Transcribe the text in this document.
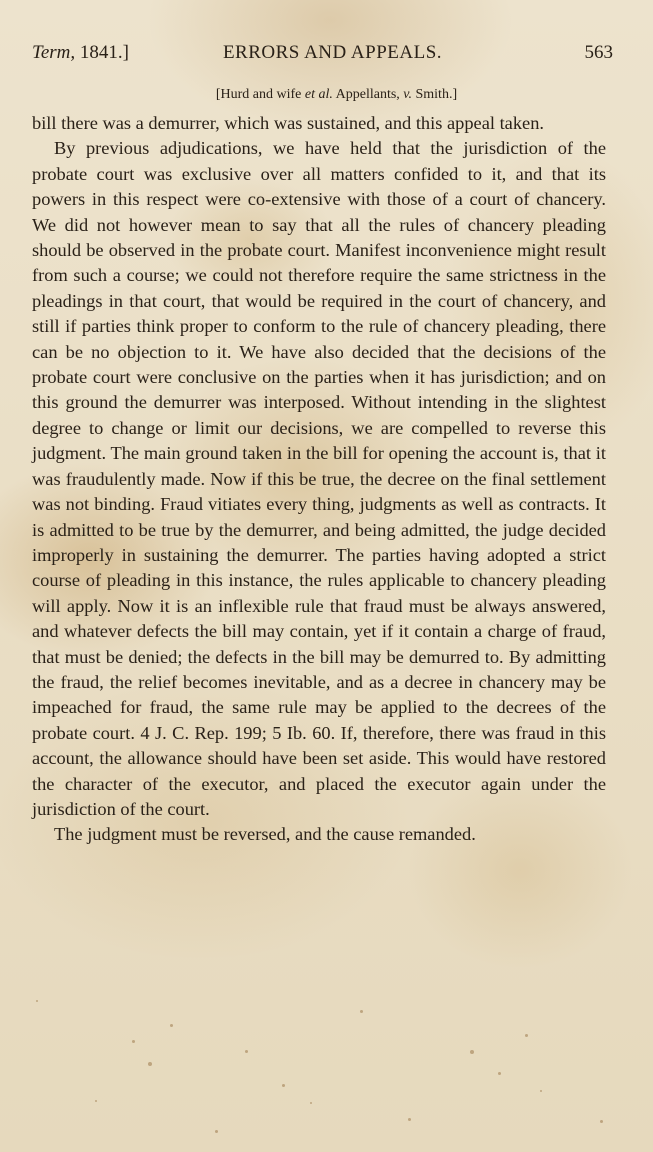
Term, 1841.]	ERRORS AND APPEALS.	563
[Hurd and wife et al. Appellants, v. Smith.]

bill there was a demurrer, which was sustained, and this appeal taken.

By previous adjudications, we have held that the jurisdiction of the probate court was exclusive over all matters confided to it, and that its powers in this respect were co-extensive with those of a court of chancery. We did not however mean to say that all the rules of chancery pleading should be observed in the probate court. Manifest inconvenience might result from such a course; we could not therefore require the same strictness in the pleadings in that court, that would be required in the court of chancery, and still if parties think proper to conform to the rule of chancery pleading, there can be no objection to it. We have also decided that the decisions of the probate court were conclusive on the parties when it has jurisdiction; and on this ground the demurrer was interposed. Without intending in the slightest degree to change or limit our decisions, we are compelled to reverse this judgment. The main ground taken in the bill for opening the account is, that it was fraudulently made. Now if this be true, the decree on the final settlement was not binding. Fraud vitiates every thing, judgments as well as contracts. It is admitted to be true by the demurrer, and being admitted, the judge decided improperly in sustaining the demurrer. The parties having adopted a strict course of pleading in this instance, the rules applicable to chancery pleading will apply. Now it is an inflexible rule that fraud must be always answered, and whatever defects the bill may contain, yet if it contain a charge of fraud, that must be denied; the defects in the bill may be demurred to. By admitting the fraud, the relief becomes inevitable, and as a decree in chancery may be impeached for fraud, the same rule may be applied to the decrees of the probate court. 4 J. C. Rep. 199; 5 Ib. 60. If, therefore, there was fraud in this account, the allowance should have been set aside. This would have restored the character of the executor, and placed the executor again under the jurisdiction of the court.

The judgment must be reversed, and the cause remanded.
